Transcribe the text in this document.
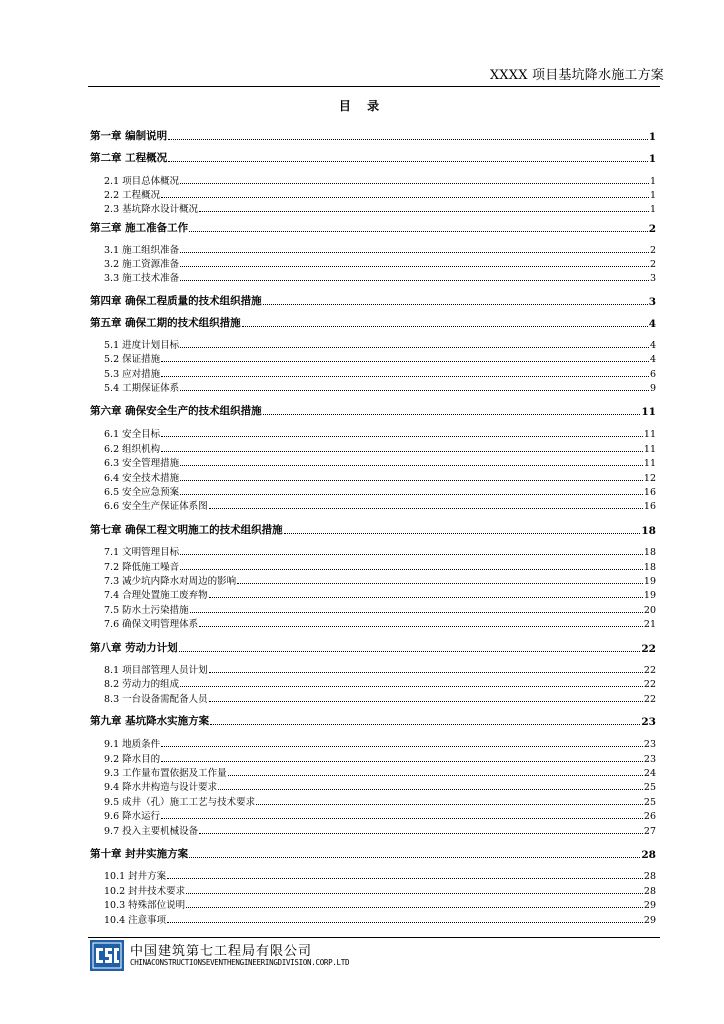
XXXX 项目基坑降水施工方案
目 录
第一章 编制说明	1
第二章 工程概况	1
2.1 项目总体概况	1
2.2 工程概况	1
2.3 基坑降水设计概况	1
第三章 施工准备工作	2
3.1 施工组织准备	2
3.2 施工资源准备	2
3.3 施工技术准备	3
第四章 确保工程质量的技术组织措施	3
第五章 确保工期的技术组织措施	4
5.1 进度计划目标	4
5.2 保证措施	4
5.3 应对措施	6
5.4 工期保证体系	9
第六章 确保安全生产的技术组织措施	11
6.1 安全目标	11
6.2 组织机构	11
6.3 安全管理措施	11
6.4 安全技术措施	12
6.5 安全应急预案	16
6.6 安全生产保证体系图	16
第七章 确保工程文明施工的技术组织措施	18
7.1 文明管理目标	18
7.2 降低施工噪音	18
7.3 减少坑内降水对周边的影响	19
7.4 合理处置施工废弃物	19
7.5 防水土污染措施	20
7.6 确保文明管理体系	21
第八章 劳动力计划	22
8.1 项目部管理人员计划	22
8.2 劳动力的组成	22
8.3 一台设备需配备人员	22
第九章 基坑降水实施方案	23
9.1 地质条件	23
9.2 降水目的	23
9.3 工作量布置依据及工作量	24
9.4 降水井构造与设计要求	25
9.5 成井（孔）施工工艺与技术要求	25
9.6 降水运行	26
9.7 投入主要机械设备	27
第十章 封井实施方案	28
10.1 封井方案	28
10.2 封井技术要求	28
10.3 特殊部位说明	29
10.4 注意事项	29
中国建筑第七工程局有限公司
CHINACONSTRUCTIONSEVENTHENGINEERINGDIVISION.CORP.LTD
